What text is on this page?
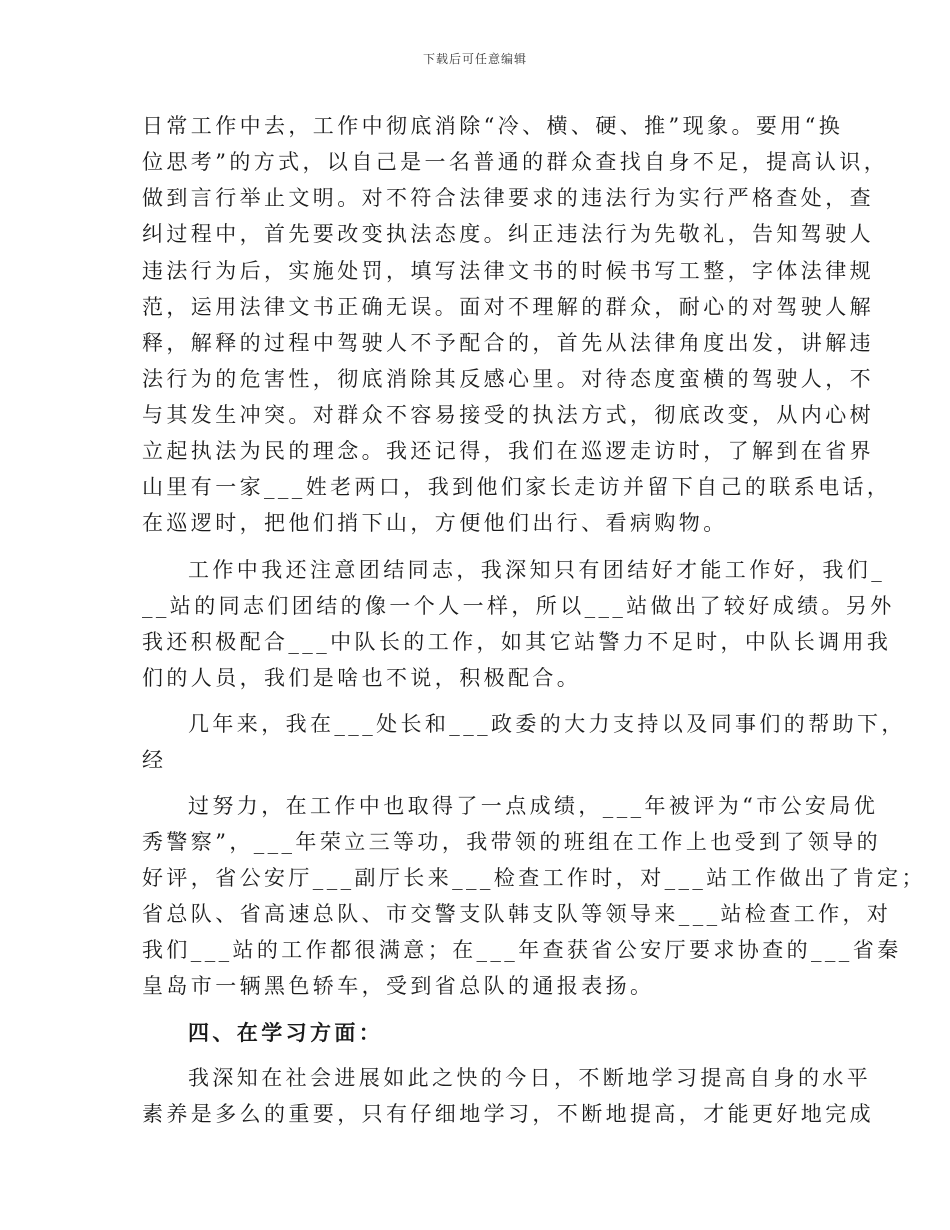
下载后可任意编辑
日常工作中去，工作中彻底消除“冷、横、硬、推”现象。要用“换
位思考”的方式，以自己是一名普通的群众查找自身不足，提高认识，
做到言行举止文明。对不符合法律要求的违法行为实行严格查处，查
纠过程中，首先要改变执法态度。纠正违法行为先敬礼，告知驾驶人
违法行为后，实施处罚，填写法律文书的时候书写工整，字体法律规
范，运用法律文书正确无误。面对不理解的群众，耐心的对驾驶人解
释，解释的过程中驾驶人不予配合的，首先从法律角度出发，讲解违
法行为的危害性，彻底消除其反感心里。对待态度蛮横的驾驶人，不
与其发生冲突。对群众不容易接受的执法方式，彻底改变，从内心树
立起执法为民的理念。我还记得，我们在巡逻走访时，了解到在省界
山里有一家___姓老两口，我到他们家长走访并留下自己的联系电话，
在巡逻时，把他们捎下山，方便他们出行、看病购物。
工作中我还注意团结同志，我深知只有团结好才能工作好，我们_
__站的同志们团结的像一个人一样，所以___站做出了较好成绩。另外
我还积极配合___中队长的工作，如其它站警力不足时，中队长调用我
们的人员，我们是啥也不说，积极配合。
几年来，我在___处长和___政委的大力支持以及同事们的帮助下，
经
过努力，在工作中也取得了一点成绩，___年被评为“市公安局优
秀警察”，___年荣立三等功，我带领的班组在工作上也受到了领导的
好评，省公安厅___副厅长来___检查工作时，对___站工作做出了肯定；
省总队、省高速总队、市交警支队韩支队等领导来___站检查工作，对
我们___站的工作都很满意；在___年查获省公安厅要求协查的___省秦
皇岛市一辆黑色轿车，受到省总队的通报表扬。
四、在学习方面：
我深知在社会进展如此之快的今日，不断地学习提高自身的水平
素养是多么的重要，只有仔细地学习，不断地提高，才能更好地完成
